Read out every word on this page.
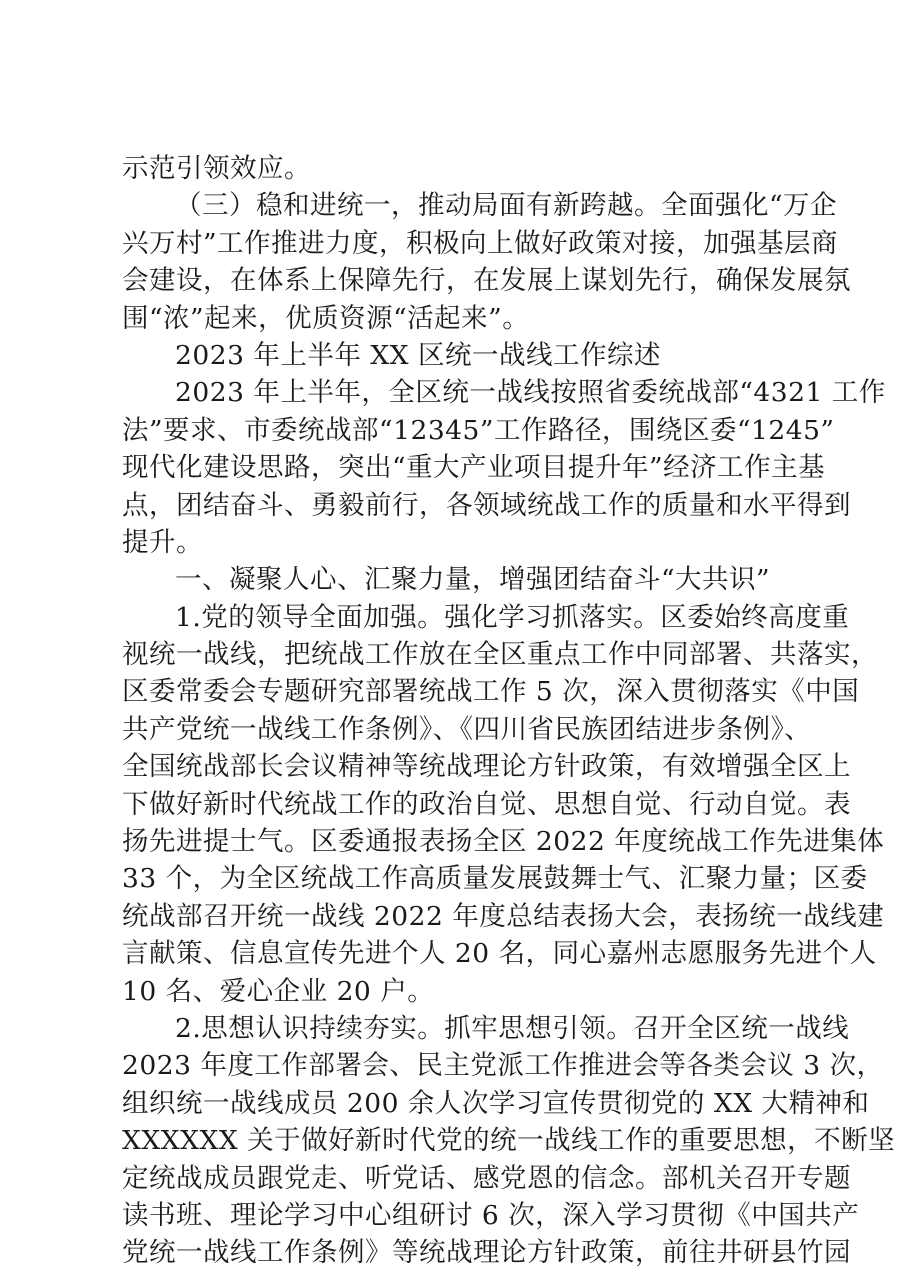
示范引领效应。
（三）稳和进统一，推动局面有新跨越。全面强化“万企
兴万村”工作推进力度，积极向上做好政策对接，加强基层商
会建设，在体系上保障先行，在发展上谋划先行，确保发展氛
围“浓”起来，优质资源“活起来”。
2023 年上半年 XX 区统一战线工作综述
2023 年上半年，全区统一战线按照省委统战部“4321 工作
法”要求、市委统战部“12345”工作路径，围绕区委“1245”
现代化建设思路，突出“重大产业项目提升年”经济工作主基
点，团结奋斗、勇毅前行，各领域统战工作的质量和水平得到
提升。
一、凝聚人心、汇聚力量，增强团结奋斗“大共识”
1.党的领导全面加强。强化学习抓落实。区委始终高度重
视统一战线，把统战工作放在全区重点工作中同部署、共落实，
区委常委会专题研究部署统战工作 5 次，深入贯彻落实《中国
共产党统一战线工作条例》、《四川省民族团结进步条例》、
全国统战部长会议精神等统战理论方针政策，有效增强全区上
下做好新时代统战工作的政治自觉、思想自觉、行动自觉。表
扬先进提士气。区委通报表扬全区 2022 年度统战工作先进集体
33 个，为全区统战工作高质量发展鼓舞士气、汇聚力量；区委
统战部召开统一战线 2022 年度总结表扬大会，表扬统一战线建
言献策、信息宣传先进个人 20 名，同心嘉州志愿服务先进个人
10 名、爱心企业 20 户。
2.思想认识持续夯实。抓牢思想引领。召开全区统一战线
2023 年度工作部署会、民主党派工作推进会等各类会议 3 次，
组织统一战线成员 200 余人次学习宣传贯彻党的 XX 大精神和
XXXXXX 关于做好新时代党的统一战线工作的重要思想，不断坚
定统战成员跟党走、听党话、感党恩的信念。部机关召开专题
读书班、理论学习中心组研讨 6 次，深入学习贯彻《中国共产
党统一战线工作条例》等统战理论方针政策，前往井研县竹园
